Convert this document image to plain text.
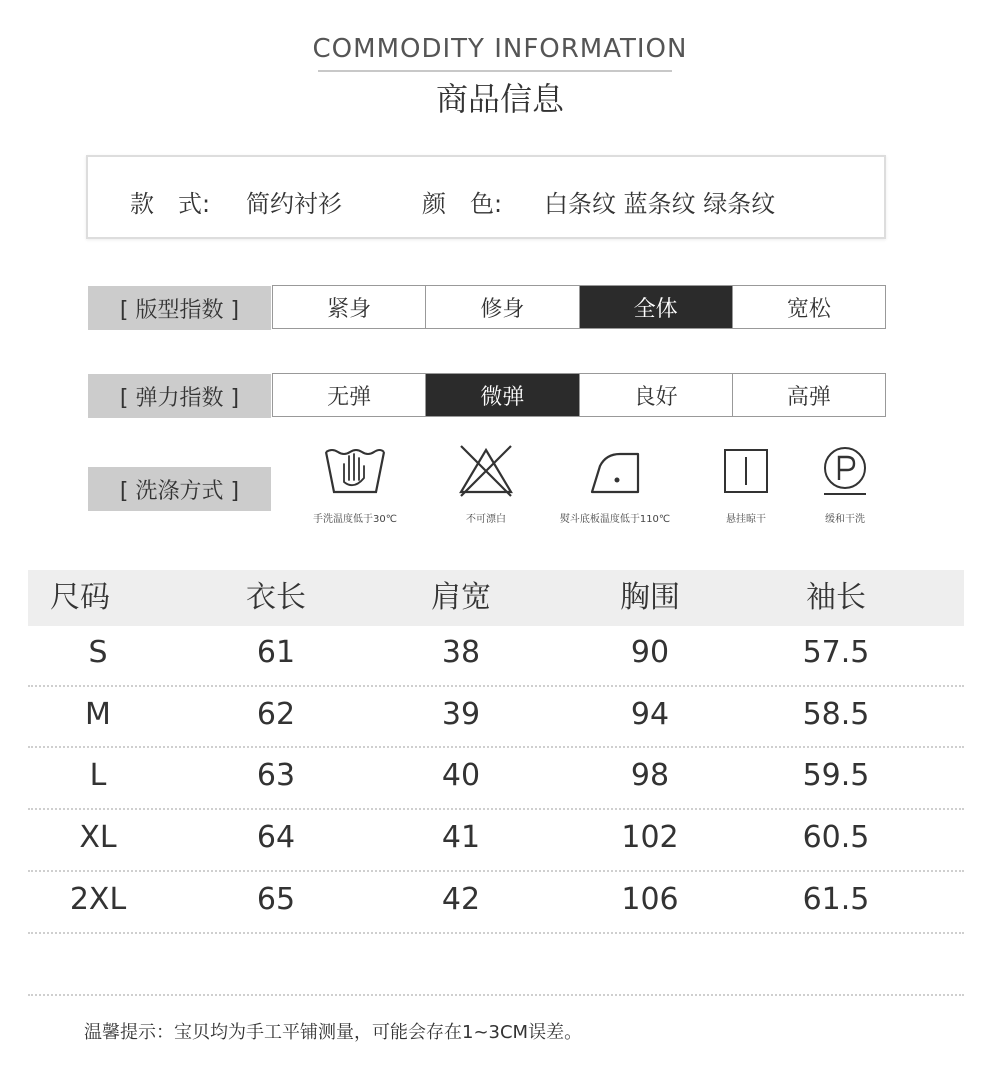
COMMODITY INFORMATION
商品信息
款　式: 简约衬衫	颜　色: 白条纹 蓝条纹 绿条纹
[ 版型指数 ]	紧身	修身	全体	宽松
[ 弹力指数 ]	无弹	微弹	良好	高弹
[ 洗涤方式 ]
手洗温度低于30℃	不可漂白	熨斗底板温度低于110℃	悬挂晾干	缓和干洗
尺码	衣长	肩宽	胸围	袖长
S	61	38	90	57.5
M	62	39	94	58.5
L	63	40	98	59.5
XL	64	41	102	60.5
2XL	65	42	106	61.5
温馨提示：宝贝均为手工平铺测量，可能会存在1~3CM误差。
